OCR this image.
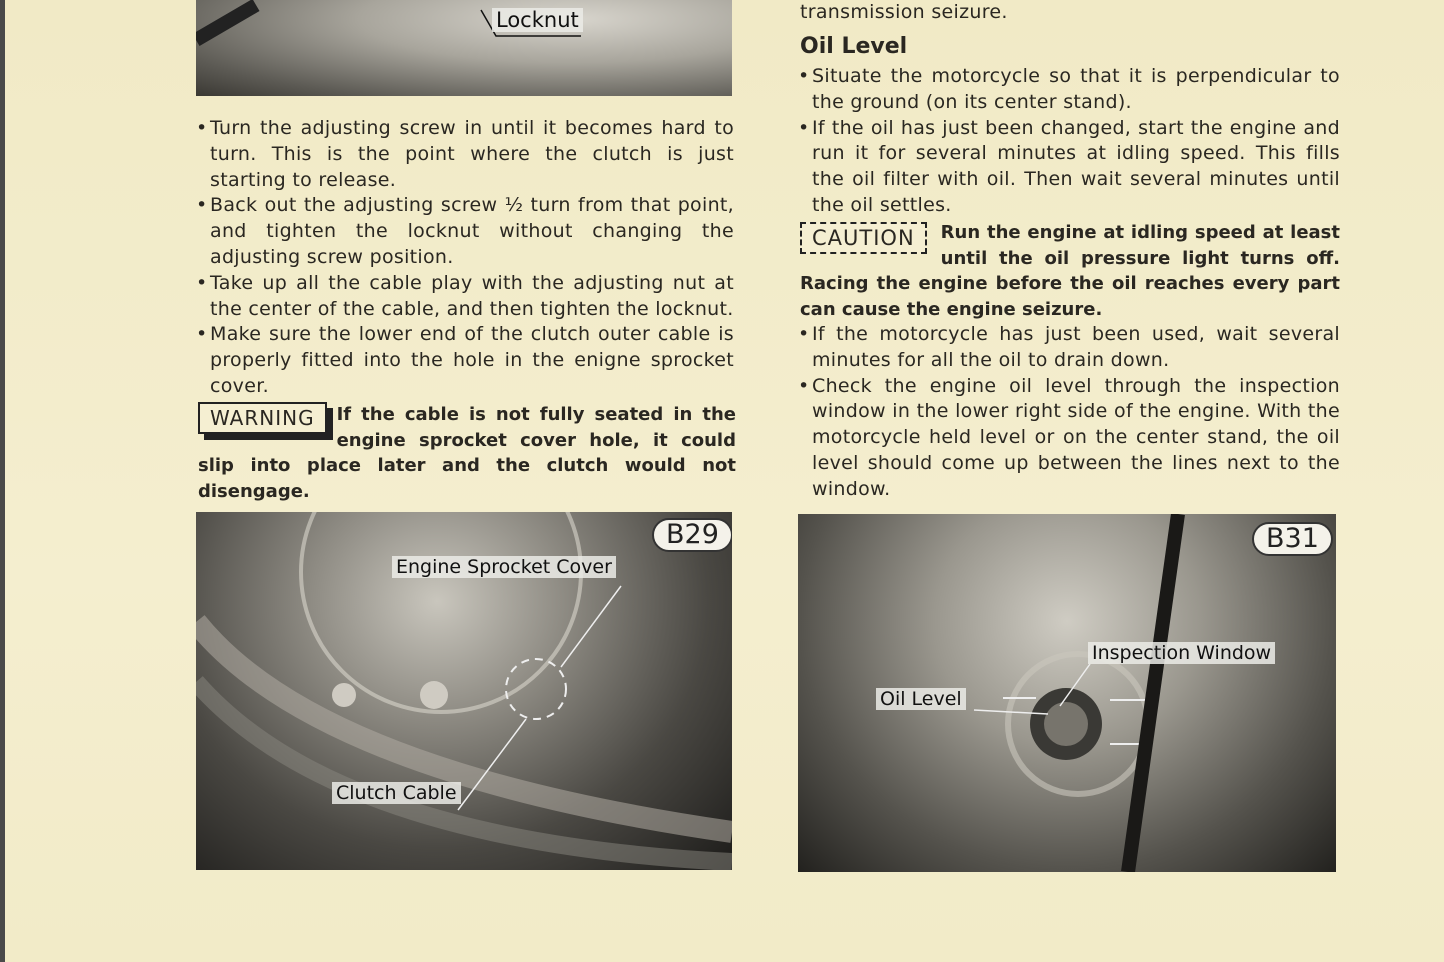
Locknut

• Turn the adjusting screw in until it becomes hard to turn. This is the point where the clutch is just starting to release.

• Back out the adjusting screw ½ turn from that point, and tighten the locknut without changing the adjusting screw position.

• Take up all the cable play with the adjusting nut at the center of the cable, and then tighten the locknut.

• Make sure the lower end of the clutch outer cable is properly fitted into the hole in the enigne sprocket cover.

WARNING	If the cable is not fully seated in the engine sprocket cover hole, it could slip into place later and the clutch would not disengage.
B29
Engine Sprocket Cover
Clutch Cable
transmission seizure.
Oil Level

• Situate the motorcycle so that it is perpendicular to the ground (on its center stand).

• If the oil has just been changed, start the engine and run it for several minutes at idling speed. This fills the oil filter with oil. Then wait several minutes until the oil settles.

CAUTION	Run the engine at idling speed at least until the oil pressure light turns off. Racing the engine before the oil reaches every part can cause the engine seizure.

• If the motorcycle has just been used, wait several minutes for all the oil to drain down.

• Check the engine oil level through the inspection window in the lower right side of the engine. With the motorcycle held level or on the center stand, the oil level should come up between the lines next to the window.

B31
Inspection Window
Oil Level
